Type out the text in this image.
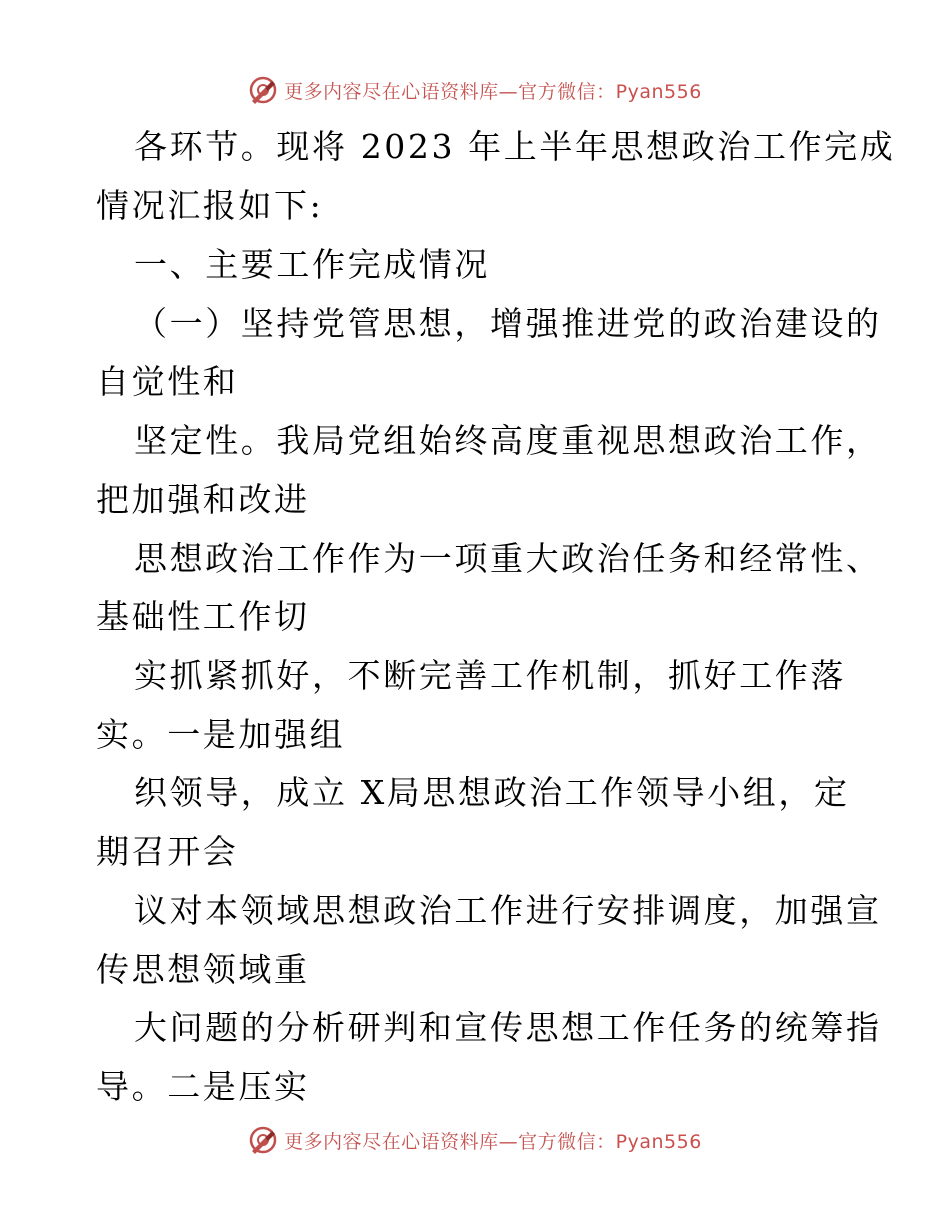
更多内容尽在心语资料库—官方微信：Pyan556
各环节。现将 2023 年上半年思想政治工作完成
情况汇报如下:
一、主要工作完成情况
（一）坚持党管思想，增强推进党的政治建设的
自觉性和
坚定性。我局党组始终高度重视思想政治工作，
把加强和改进
思想政治工作作为一项重大政治任务和经常性、
基础性工作切
实抓紧抓好，不断完善工作机制，抓好工作落
实。一是加强组
织领导，成立 X局思想政治工作领导小组，定
期召开会
议对本领域思想政治工作进行安排调度，加强宣
传思想领域重
大问题的分析研判和宣传思想工作任务的统筹指
导。二是压实
更多内容尽在心语资料库—官方微信：Pyan556
